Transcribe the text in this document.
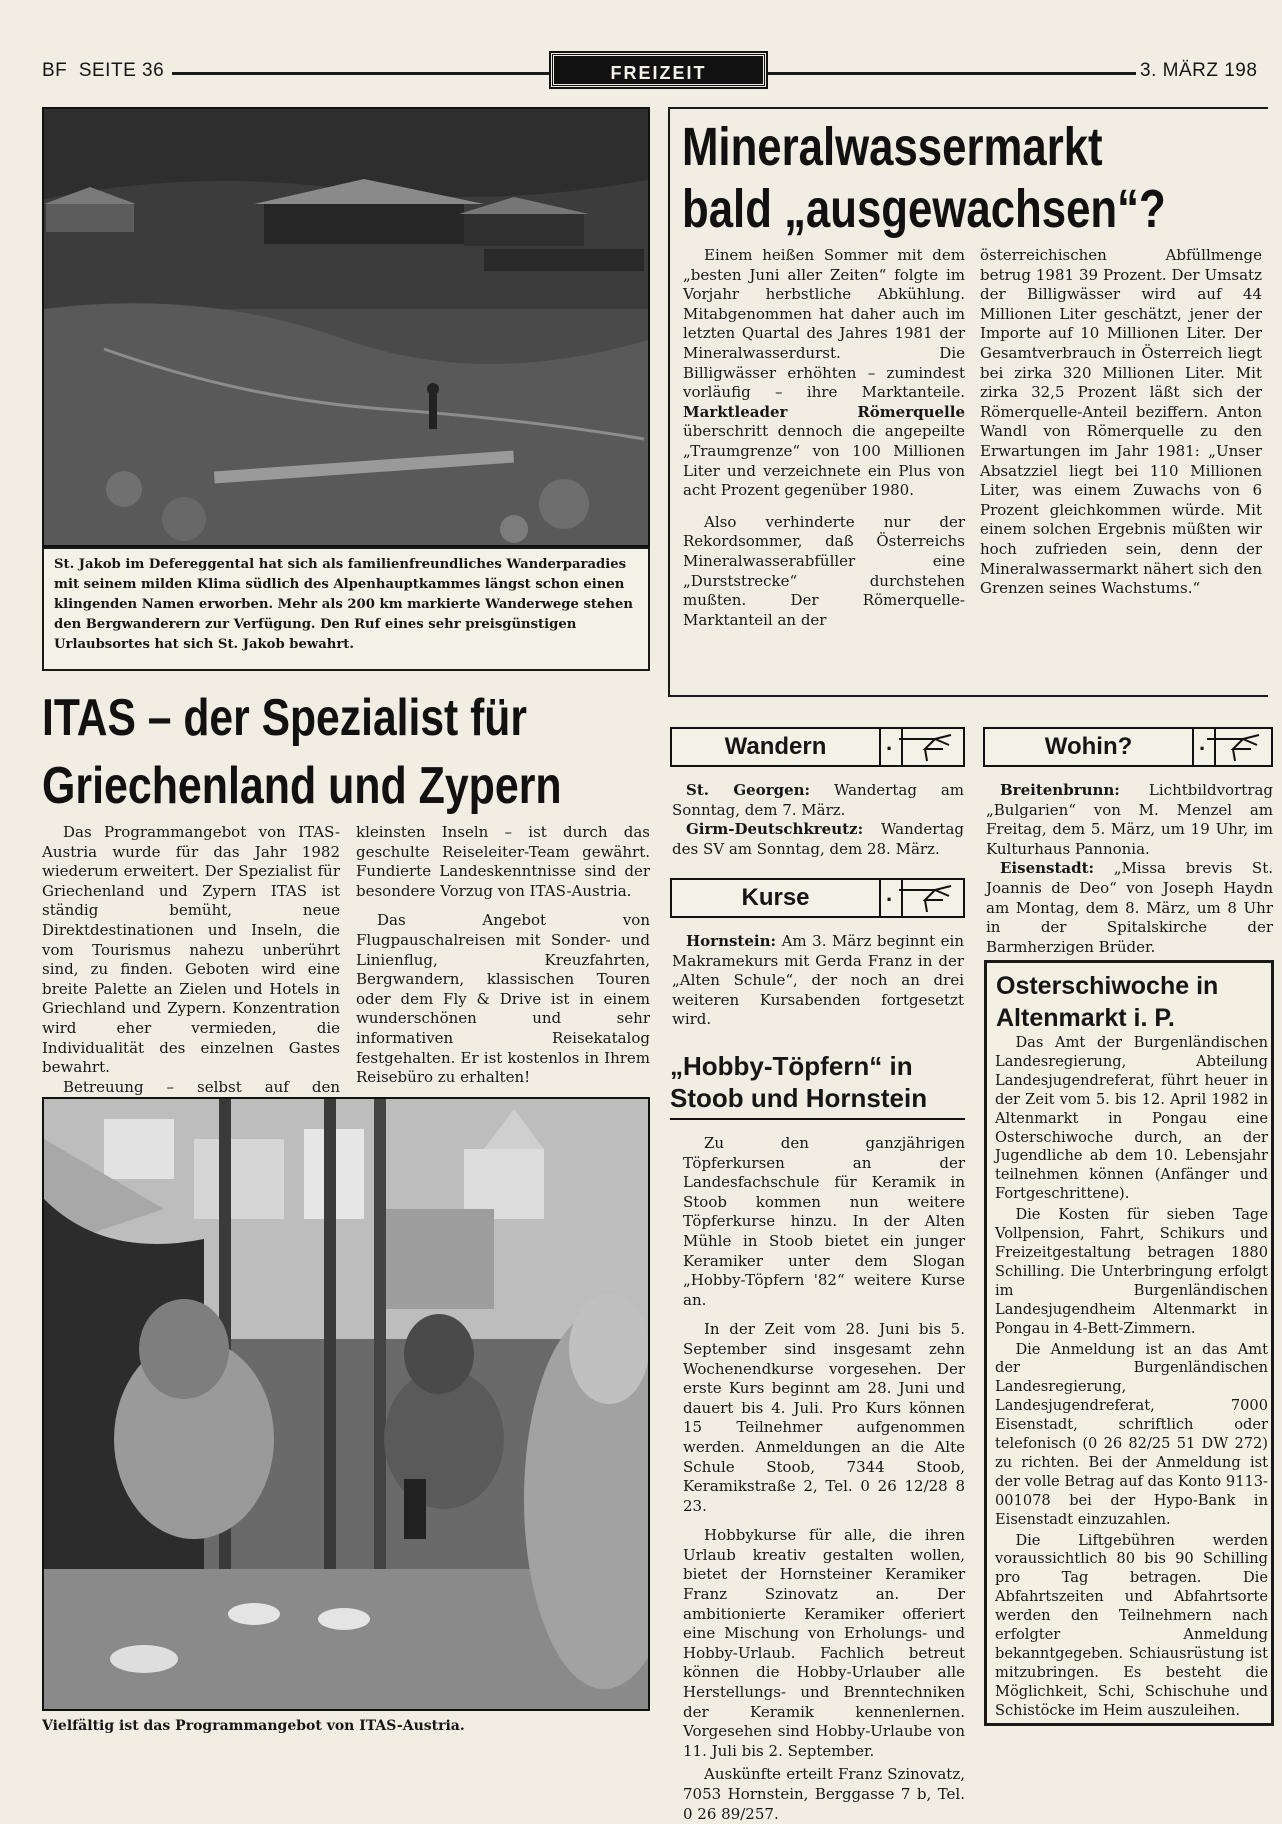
BF  SEITE 36	FREIZEIT	3. MÄRZ 198
St. Jakob im Defereggental hat sich als familienfreundliches Wanderparadies mit seinem milden Klima südlich des Alpenhauptkammes längst schon einen klingenden Namen erworben. Mehr als 200 km markierte Wanderwege stehen den Bergwanderern zur Verfügung. Den Ruf eines sehr preisgünstigen Urlaubsortes hat sich St. Jakob bewahrt.
ITAS – der Spezialist für
Griechenland und Zypern

Das Programmangebot von ITAS-Austria wurde für das Jahr 1982 wiederum erweitert. Der Spezialist für Griechenland und Zypern ITAS ist ständig bemüht, neue Direktdestinationen und Inseln, die vom Tourismus nahezu unberührt sind, zu finden. Geboten wird eine breite Palette an Zielen und Hotels in Griechland und Zypern. Konzentration wird eher vermieden, die Individualität des einzelnen Gastes bewahrt.

Betreuung – selbst auf den

kleinsten Inseln – ist durch das geschulte Reiseleiter-Team gewährt. Fundierte Landeskenntnisse sind der besondere Vorzug von ITAS-Austria.

Das Angebot von Flugpauschalreisen mit Sonder- und Linienflug, Kreuzfahrten, Bergwandern, klassischen Touren oder dem Fly & Drive ist in einem wunderschönen und sehr informativen Reisekatalog festgehalten. Er ist kostenlos in Ihrem Reisebüro zu erhalten!

Vielfältig ist das Programmangebot von ITAS-Austria.
Mineralwassermarkt
bald „ausgewachsen“?

Einem heißen Sommer mit dem „besten Juni aller Zeiten“ folgte im Vorjahr herbstliche Abkühlung. Mitabgenommen hat daher auch im letzten Quartal des Jahres 1981 der Mineralwasserdurst. Die Billigwässer erhöhten – zumindest vorläufig – ihre Marktanteile. Marktleader Römerquelle überschritt dennoch die angepeilte „Traumgrenze“ von 100 Millionen Liter und verzeichnete ein Plus von acht Prozent gegenüber 1980.

Also verhinderte nur der Rekordsommer, daß Österreichs Mineralwasserabfüller eine „Durststrecke“ durchstehen mußten. Der Römerquelle-Marktanteil an der

österreichischen Abfüllmenge betrug 1981 39 Prozent. Der Umsatz der Billigwässer wird auf 44 Millionen Liter geschätzt, jener der Importe auf 10 Millionen Liter. Der Gesamtverbrauch in Österreich liegt bei zirka 320 Millionen Liter. Mit zirka 32,5 Prozent läßt sich der Römerquelle-Anteil beziffern. Anton Wandl von Römerquelle zu den Erwartungen im Jahr 1981: „Unser Absatzziel liegt bei 110 Millionen Liter, was einem Zuwachs von 6 Prozent gleichkommen würde. Mit einem solchen Ergebnis müßten wir hoch zufrieden sein, denn der Mineralwassermarkt nähert sich den Grenzen seines Wachstums.“

Wandern
.

St. Georgen: Wandertag am Sonntag, dem 7. März.

Girm-Deutschkreutz: Wandertag des SV am Sonntag, dem 28. März.

Kurse
.

Hornstein: Am 3. März beginnt ein Makramekurs mit Gerda Franz in der „Alten Schule“, der noch an drei weiteren Kursabenden fortgesetzt wird.

„Hobby-Töpfern“ in
Stoob und Hornstein

Zu den ganzjährigen Töpferkursen an der Landesfachschule für Keramik in Stoob kommen nun weitere Töpferkurse hinzu. In der Alten Mühle in Stoob bietet ein junger Keramiker unter dem Slogan „Hobby-Töpfern '82“ weitere Kurse an.

In der Zeit vom 28. Juni bis 5. September sind insgesamt zehn Wochenendkurse vorgesehen. Der erste Kurs beginnt am 28. Juni und dauert bis 4. Juli. Pro Kurs können 15 Teilnehmer aufgenommen werden. Anmeldungen an die Alte Schule Stoob, 7344 Stoob, Keramikstraße 2, Tel. 0 26 12/28 8 23.

Hobbykurse für alle, die ihren Urlaub kreativ gestalten wollen, bietet der Hornsteiner Keramiker Franz Szinovatz an. Der ambitionierte Keramiker offeriert eine Mischung von Erholungs- und Hobby-Urlaub. Fachlich betreut können die Hobby-Urlauber alle Herstellungs- und Brenntechniken der Keramik kennenlernen. Vorgesehen sind Hobby-Urlaube von 11. Juli bis 2. September.

Auskünfte erteilt Franz Szinovatz, 7053 Hornstein, Berggasse 7 b, Tel. 0 26 89/257.

Wohin?
.

Breitenbrunn: Lichtbildvortrag „Bulgarien“ von M. Menzel am Freitag, dem 5. März, um 19 Uhr, im Kulturhaus Pannonia.

Eisenstadt: „Missa brevis St. Joannis de Deo“ von Joseph Haydn am Montag, dem 8. März, um 8 Uhr in der Spitalskirche der Barmherzigen Brüder.

Osterschiwoche in
Altenmarkt i. P.

Das Amt der Burgenländischen Landesregierung, Abteilung Landesjugendreferat, führt heuer in der Zeit vom 5. bis 12. April 1982 in Altenmarkt in Pongau eine Osterschiwoche durch, an der Jugendliche ab dem 10. Lebensjahr teilnehmen können (Anfänger und Fortgeschrittene).

Die Kosten für sieben Tage Vollpension, Fahrt, Schikurs und Freizeitgestaltung betragen 1880 Schilling. Die Unterbringung erfolgt im Burgenländischen Landesjugendheim Altenmarkt in Pongau in 4-Bett-Zimmern.

Die Anmeldung ist an das Amt der Burgenländischen Landesregierung, Landesjugendreferat, 7000 Eisenstadt, schriftlich oder telefonisch (0 26 82/25 51 DW 272) zu richten. Bei der Anmeldung ist der volle Betrag auf das Konto 9113-001078 bei der Hypo-Bank in Eisenstadt einzuzahlen.

Die Liftgebühren werden voraussichtlich 80 bis 90 Schilling pro Tag betragen. Die Abfahrtszeiten und Abfahrtsorte werden den Teilnehmern nach erfolgter Anmeldung bekanntgegeben. Schiausrüstung ist mitzubringen. Es besteht die Möglichkeit, Schi, Schischuhe und Schistöcke im Heim auszuleihen.
